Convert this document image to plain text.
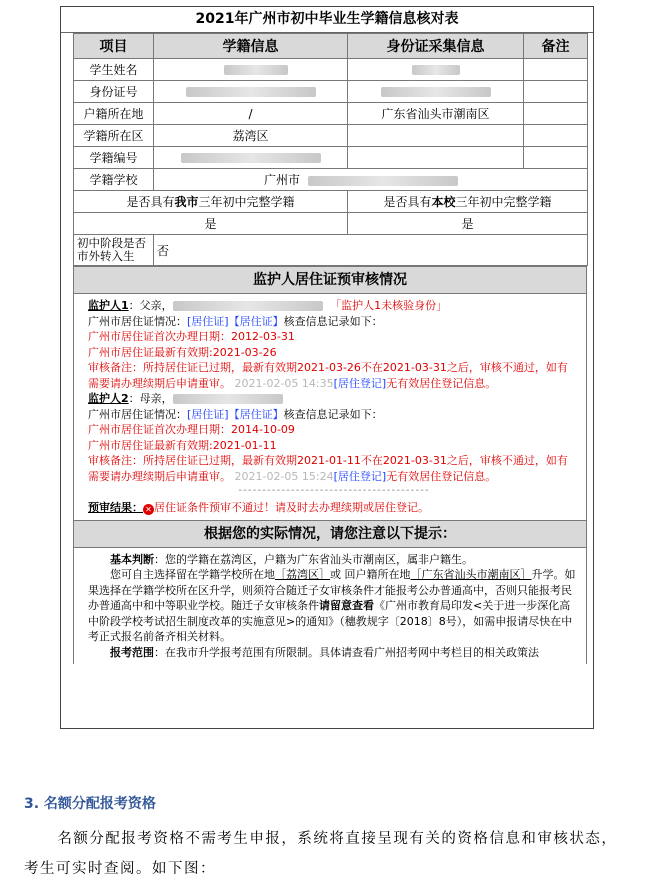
2021年广州市初中毕业生学籍信息核对表
项目	学籍信息	身份证采集信息	备注
学生姓名			
身份证号			
户籍所在地	/	广东省汕头市潮南区	
学籍所在区	荔湾区		
学籍编号			
学籍学校	广州市		
是否具有我市三年初中完整学籍		是否具有本校三年初中完整学籍	
是		是	
初中阶段是否
市外转入生	否		
监护人居住证预审核情况
监护人1：父亲，	「监护人1未核验身份」
广州市居住证情况：[居住证]【居住证】核查信息记录如下：
广州市居住证首次办理日期：2012-03-31
广州市居住证最新有效期:2021-03-26
审核备注：所持居住证已过期，最新有效期2021-03-26不在2021-03-31之后，审核不通过，如有需要请办理续期后申请重审。 2021-02-05 14:35[居住登记]无有效居住登记信息。
监护人2：母亲，
广州市居住证情况：[居住证]【居住证】核查信息记录如下：
广州市居住证首次办理日期：2014-10-09
广州市居住证最新有效期:2021-01-11
审核备注：所持居住证已过期，最新有效期2021-01-11不在2021-03-31之后，审核不通过，如有需要请办理续期后申请重审。 2021-02-05 15:24[居住登记]无有效居住登记信息。
- - - - - - - - - - - - - - - - - - - - - - - - - - - - - - - - - - - - - - - -
预审结果： ✕ 居住证条件预审不通过！请及时去办理续期或居住登记。
根据您的实际情况，请您注意以下提示：

基本判断：您的学籍在荔湾区，户籍为广东省汕头市潮南区，属非户籍生。

您可自主选择留在学籍学校所在地［荔湾区］或 回户籍所在地［广东省汕头市潮南区］升学。如果选择在学籍学校所在区升学，则须符合随迁子女审核条件才能报考公办普通高中，否则只能报考民办普通高中和中等职业学校。随迁子女审核条件请留意查看《广州市教育局印发<关于进一步深化高中阶段学校考试招生制度改革的实施意见>的通知》（穗教规字〔2018〕8号），如需申报请尽快在中考正式报名前备齐相关材料。

报考范围：在我市升学报考范围有所限制。具体请查看广州招考网中考栏目的相关政策法

3. 名额分配报考资格
名额分配报考资格不需考生申报，系统将直接呈现有关的资格信息和审核状态，考生可实时查阅。如下图：
